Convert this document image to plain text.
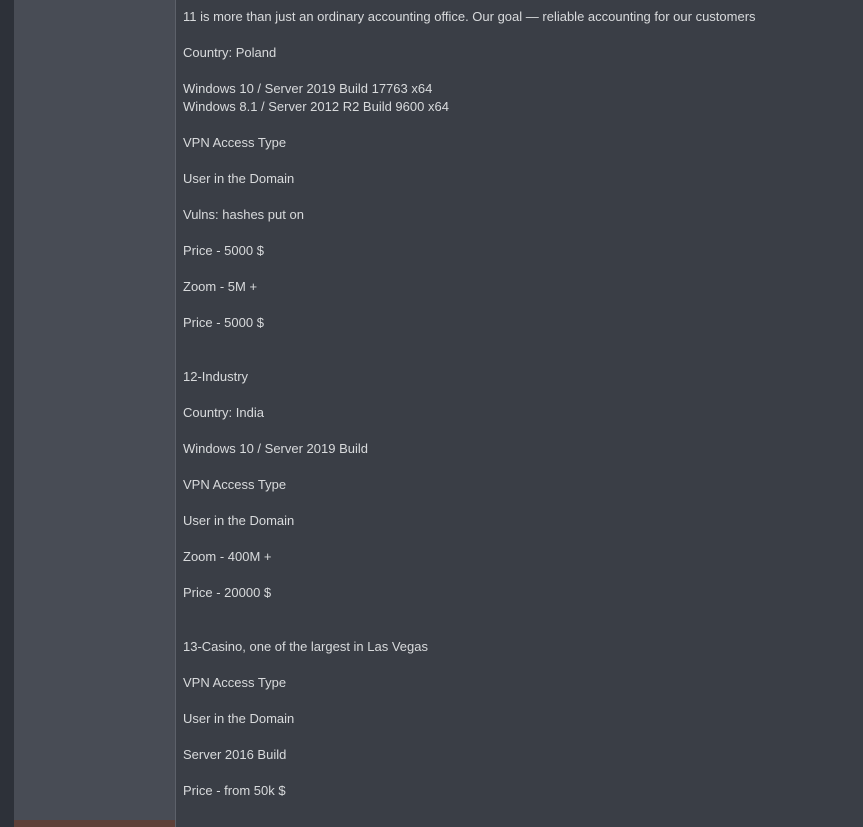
11 is more than just an ordinary accounting office. Our goal — reliable accounting for our customers
Country: Poland
Windows 10 / Server 2019 Build 17763 x64
Windows 8.1 / Server 2012 R2 Build 9600 x64
VPN Access Type
User in the Domain
Vulns: hashes put on
Price - 5000 $
Zoom - 5M +
Price - 5000 $
12-Industry
Country: India
Windows 10 / Server 2019 Build
VPN Access Type
User in the Domain
Zoom - 400M +
Price - 20000 $
13-Casino, one of the largest in Las Vegas
VPN Access Type
User in the Domain
Server 2016 Build
Price - from 50k $
